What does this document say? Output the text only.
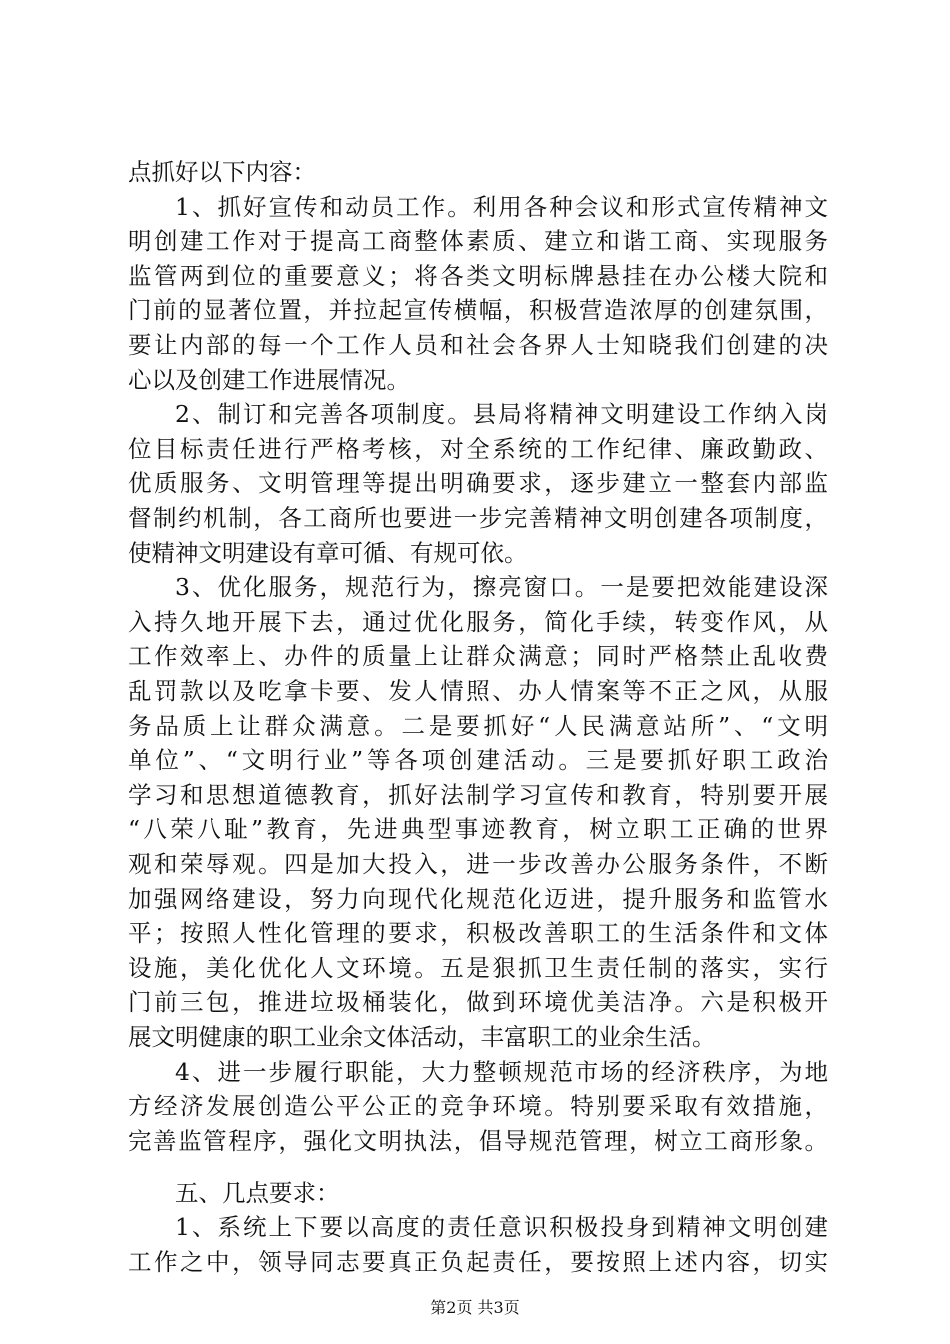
点抓好以下内容：
1、抓好宣传和动员工作。利用各种会议和形式宣传精神文
明创建工作对于提高工商整体素质、建立和谐工商、实现服务
监管两到位的重要意义；将各类文明标牌悬挂在办公楼大院和
门前的显著位置，并拉起宣传横幅，积极营造浓厚的创建氛围，
要让内部的每一个工作人员和社会各界人士知晓我们创建的决
心以及创建工作进展情况。
2、制订和完善各项制度。县局将精神文明建设工作纳入岗
位目标责任进行严格考核，对全系统的工作纪律、廉政勤政、
优质服务、文明管理等提出明确要求，逐步建立一整套内部监
督制约机制，各工商所也要进一步完善精神文明创建各项制度，
使精神文明建设有章可循、有规可依。
3、优化服务，规范行为，擦亮窗口。一是要把效能建设深
入持久地开展下去，通过优化服务，简化手续，转变作风，从
工作效率上、办件的质量上让群众满意；同时严格禁止乱收费
乱罚款以及吃拿卡要、发人情照、办人情案等不正之风，从服
务品质上让群众满意。二是要抓好“人民满意站所”、“文明
单位”、“文明行业”等各项创建活动。三是要抓好职工政治
学习和思想道德教育，抓好法制学习宣传和教育，特别要开展
“八荣八耻”教育，先进典型事迹教育，树立职工正确的世界
观和荣辱观。四是加大投入，进一步改善办公服务条件，不断
加强网络建设，努力向现代化规范化迈进，提升服务和监管水
平；按照人性化管理的要求，积极改善职工的生活条件和文体
设施，美化优化人文环境。五是狠抓卫生责任制的落实，实行
门前三包，推进垃圾桶装化，做到环境优美洁净。六是积极开
展文明健康的职工业余文体活动，丰富职工的业余生活。
4、进一步履行职能，大力整顿规范市场的经济秩序，为地
方经济发展创造公平公正的竞争环境。特别要采取有效措施，
完善监管程序，强化文明执法，倡导规范管理，树立工商形象。
五、几点要求：
1、系统上下要以高度的责任意识积极投身到精神文明创建
工作之中，领导同志要真正负起责任，要按照上述内容，切实
第2页 共3页
